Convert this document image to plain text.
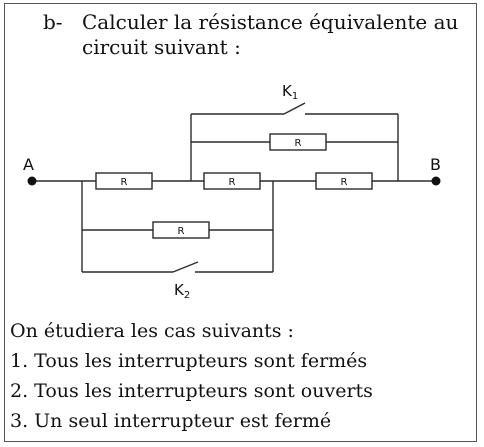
b- Calculer la résistance équivalente au circuit suivant :
A	B
$K_1$
$K_2$
R	R	R
R
R
On étudiera les cas suivants :
1. Tous les interrupteurs sont fermés
2. Tous les interrupteurs sont ouverts
3. Un seul interrupteur est fermé
